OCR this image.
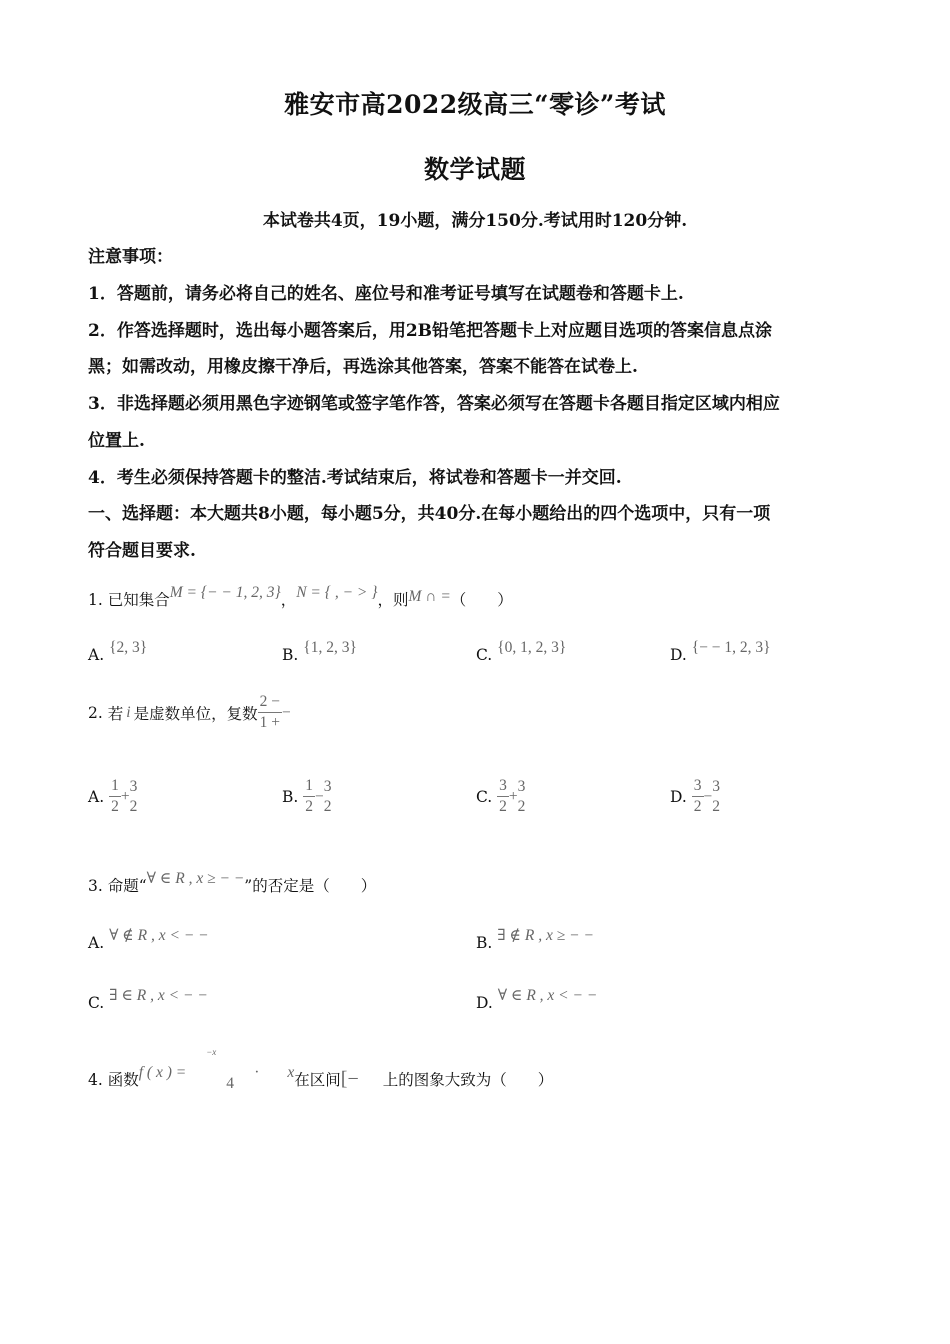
雅安市高2022级高三“零诊”考试
数学试题
本试卷共4页，19小题，满分150分.考试用时120分钟.
注意事项：
1．答题前，请务必将自己的姓名、座位号和准考证号填写在试题卷和答题卡上.
2．作答选择题时，选出每小题答案后，用2B铅笔把答题卡上对应题目选项的答案信息点涂
黑；如需改动，用橡皮擦干净后，再选涂其他答案，答案不能答在试卷上.
3．非选择题必须用黑色字迹钢笔或签字笔作答，答案必须写在答题卡各题目指定区域内相应
位置上.
4．考生必须保持答题卡的整洁.考试结束后，将试卷和答题卡一并交回.
一、选择题：本大题共8小题，每小题5分，共40分.在每小题给出的四个选项中，只有一项
符合题目要求.
1. 已知集合M = {− − 1, 2, 3}，N = { , − > }，则M ∩ =（　　）
A. {2, 3}	B. {1, 2, 3}	C. {0, 1, 2, 3}	D. {− − 1, 2, 3}
2. 若 i 是虚数单位，复数 $\frac{2 -}{1 +}$ −
A. $\frac{1}{2}$ +
3
2
B. $\frac{1}{2}$ −
3
2
C. $\frac{3}{2}$ +
3
2
D. $\frac{3}{2}$ −
3
2
3. 命题“∀ ∈ R , x ≥ − −”的否定是（　　）
A. ∀ ∉ R , x < − −	B. ∃ ∉ R , x ≥ − −
C. ∃ ∈ R , x < − −	D. ∀ ∈ R , x < − −
4. 函数f ( x ) =
−x
4
· x在区间[− 上的图象大致为（　　）
